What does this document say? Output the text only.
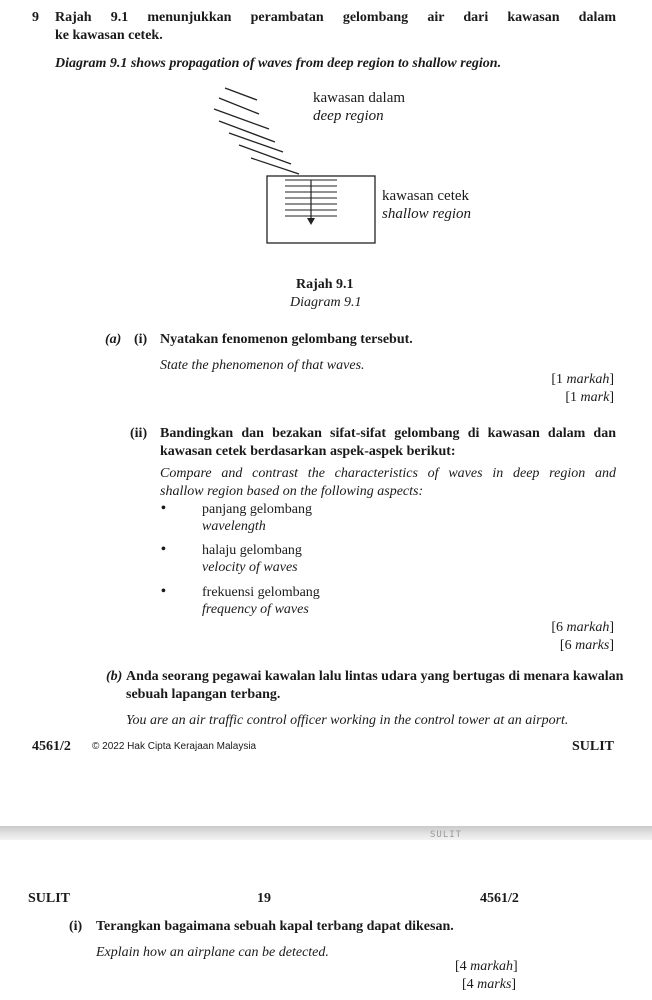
9 Rajah 9.1 menunjukkan perambatan gelombang air dari kawasan dalam
ke kawasan cetek.
Diagram 9.1 shows propagation of waves from deep region to shallow region.
kawasan dalam
deep region
kawasan cetek
shallow region
Rajah 9.1
Diagram 9.1
(a) (i) Nyatakan fenomenon gelombang tersebut.
State the phenomenon of that waves.
[1 markah]
[1 mark]
(ii) Bandingkan dan bezakan sifat-sifat gelombang di kawasan dalam dan
kawasan cetek berdasarkan aspek-aspek berikut:
Compare and contrast the characteristics of waves in deep region and
shallow region based on the following aspects:
•	panjang gelombang
wavelength
•	halaju gelombang
velocity of waves
•	frekuensi gelombang
frequency of waves
[6 markah]
[6 marks]
(b) Anda seorang pegawai kawalan lalu lintas udara yang bertugas di menara kawalan
sebuah lapangan terbang.
You are an air traffic control officer working in the control tower at an airport.
4561/2 © 2022 Hak Cipta Kerajaan Malaysia	SULIT
SULIT
SULIT	19	4561/2
(i) Terangkan bagaimana sebuah kapal terbang dapat dikesan.
Explain how an airplane can be detected.
[4 markah]
[4 marks]
